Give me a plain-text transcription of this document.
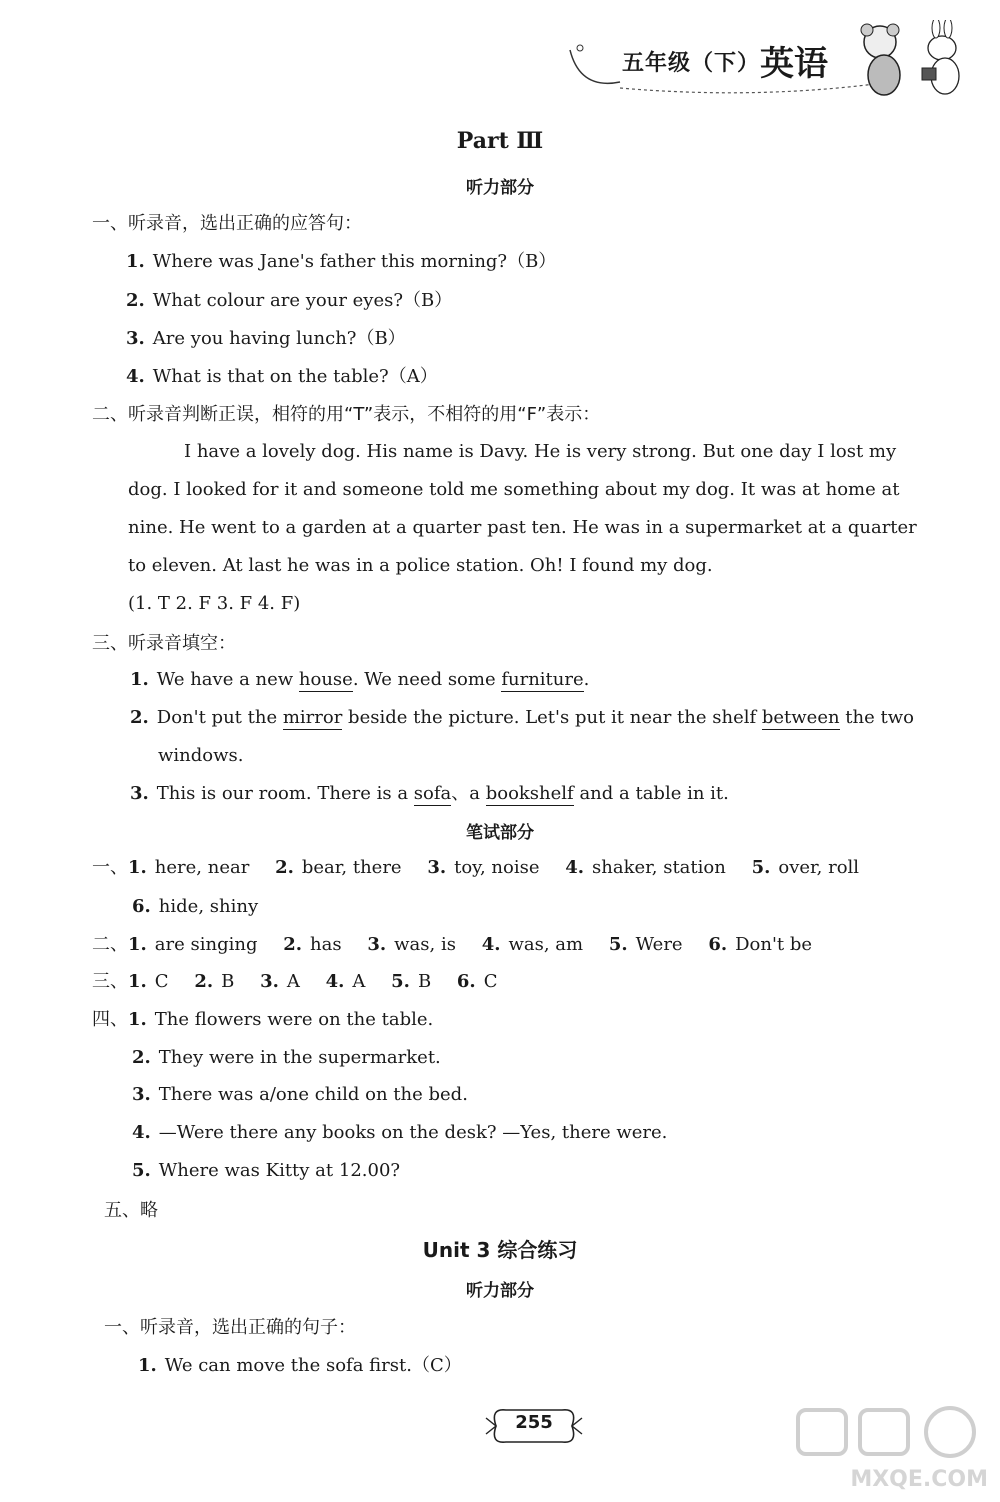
五年级（下） 英语
Part Ⅲ
听力部分
一、听录音，选出正确的应答句：
1. Where was Jane's father this morning?（B）
2. What colour are your eyes?（B）
3. Are you having lunch?（B）
4. What is that on the table?（A）
二、听录音判断正误，相符的用“T”表示，不相符的用“F”表示：
I have a lovely dog. His name is Davy. He is very strong. But one day I lost my
dog. I looked for it and someone told me something about my dog. It was at home at
nine. He went to a garden at a quarter past ten. He was in a supermarket at a quarter
to eleven. At last he was in a police station. Oh! I found my dog.
(1. T 2. F 3. F 4. F)
三、听录音填空：
1. We have a new house. We need some furniture.
2. Don't put the mirror beside the picture. Let's put it near the shelf between the two
windows.
3. This is our room. There is a sofa、a bookshelf and a table in it.
笔试部分
一、1. here, near 2. bear, there 3. toy, noise 4. shaker, station 5. over, roll
6. hide, shiny
二、1. are singing 2. has 3. was, is 4. was, am 5. Were 6. Don't be
三、1. C 2. B 3. A 4. A 5. B 6. C
四、1. The flowers were on the table.
2. They were in the supermarket.
3. There was a/one child on the bed.
4. —Were there any books on the desk? —Yes, there were.
5. Where was Kitty at 12.00?
五、略
Unit 3 综合练习
听力部分
一、听录音，选出正确的句子：
1. We can move the sofa first.（C）
255
MXQE.COM
